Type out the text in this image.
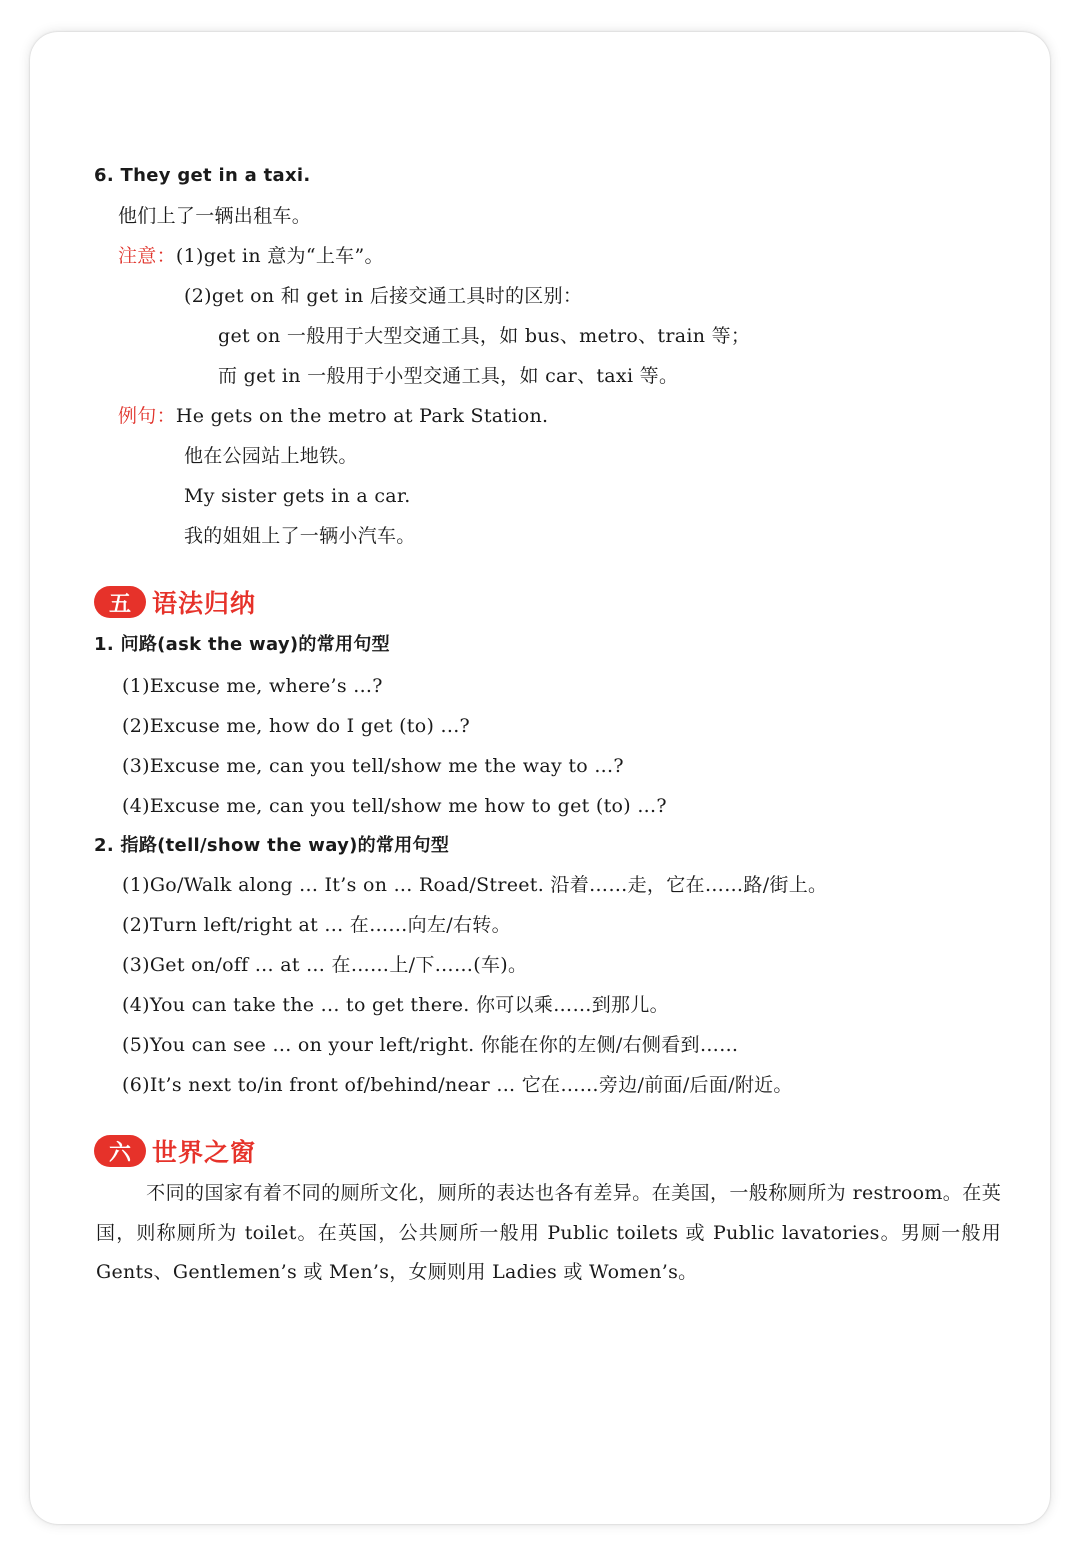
6. They get in a taxi.
他们上了一辆出租车。
注意：(1)get in 意为“上车”。
(2)get on 和 get in 后接交通工具时的区别：
get on 一般用于大型交通工具，如 bus、metro、train 等；
而 get in 一般用于小型交通工具，如 car、taxi 等。
例句：He gets on the metro at Park Station.
他在公园站上地铁。
My sister gets in a car.
我的姐姐上了一辆小汽车。
五 语法归纳
1. 问路(ask the way)的常用句型
(1)Excuse me, where’s ...?
(2)Excuse me, how do I get (to) ...?
(3)Excuse me, can you tell/show me the way to ...?
(4)Excuse me, can you tell/show me how to get (to) ...?
2. 指路(tell/show the way)的常用句型
(1)Go/Walk along ... It’s on ... Road/Street. 沿着……走，它在……路/街上。
(2)Turn left/right at ... 在……向左/右转。
(3)Get on/off ... at ... 在……上/下……(车)。
(4)You can take the ... to get there. 你可以乘……到那儿。
(5)You can see ... on your left/right. 你能在你的左侧/右侧看到……
(6)It’s next to/in front of/behind/near ... 它在……旁边/前面/后面/附近。
六 世界之窗
不同的国家有着不同的厕所文化，厕所的表达也各有差异。在美国，一般称厕所为 restroom。在英国，则称厕所为 toilet。在英国，公共厕所一般用 Public toilets 或 Public lavatories。男厕一般用 Gents、Gentlemen’s 或 Men’s，女厕则用 Ladies 或 Women’s。
